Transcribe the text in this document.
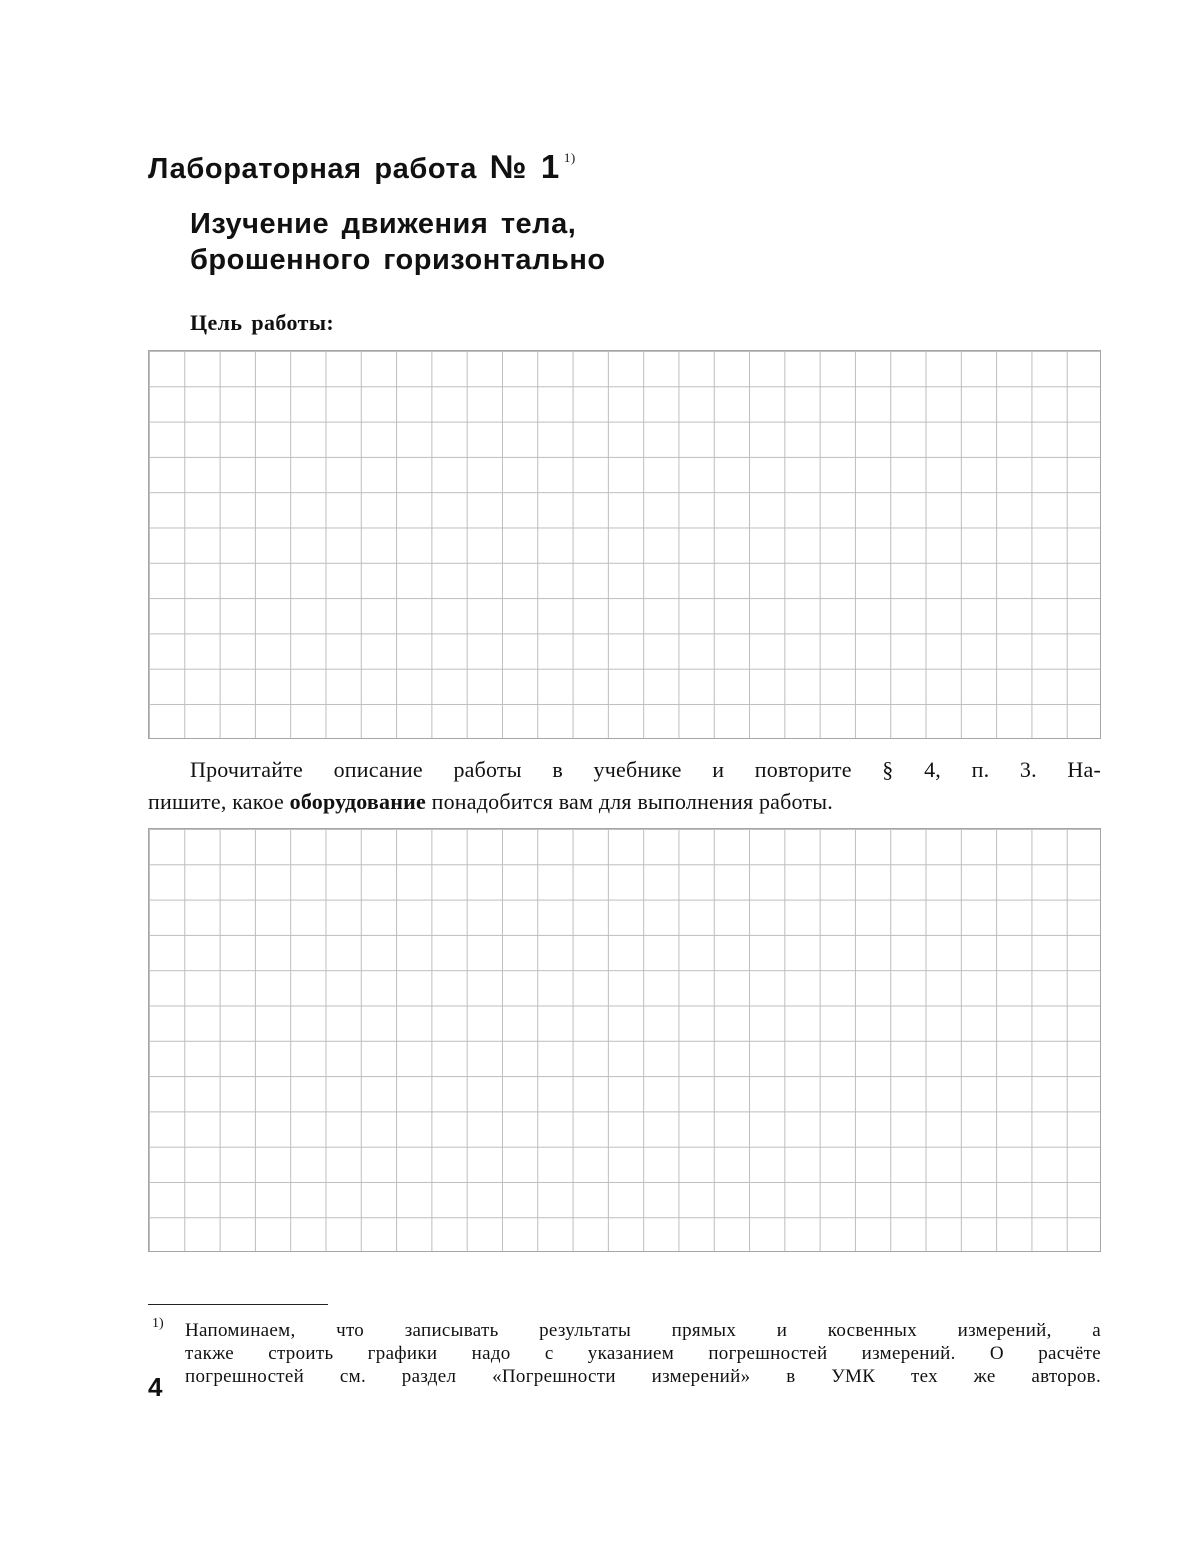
Лабораторная работа № 1 $^{1)}$
Изучение движения тела,
брошенного горизонтально
Цель работы:
Прочитайте описание работы в учебнике и повторите § 4, п. 3. На-
пишите, какое оборудование понадобится вам для выполнения работы.
1) Напоминаем, что записывать результаты прямых и косвенных измерений, а
также строить графики надо с указанием погрешностей измерений. О расчёте
погрешностей см. раздел «Погрешности измерений» в УМК тех же авторов.
4
